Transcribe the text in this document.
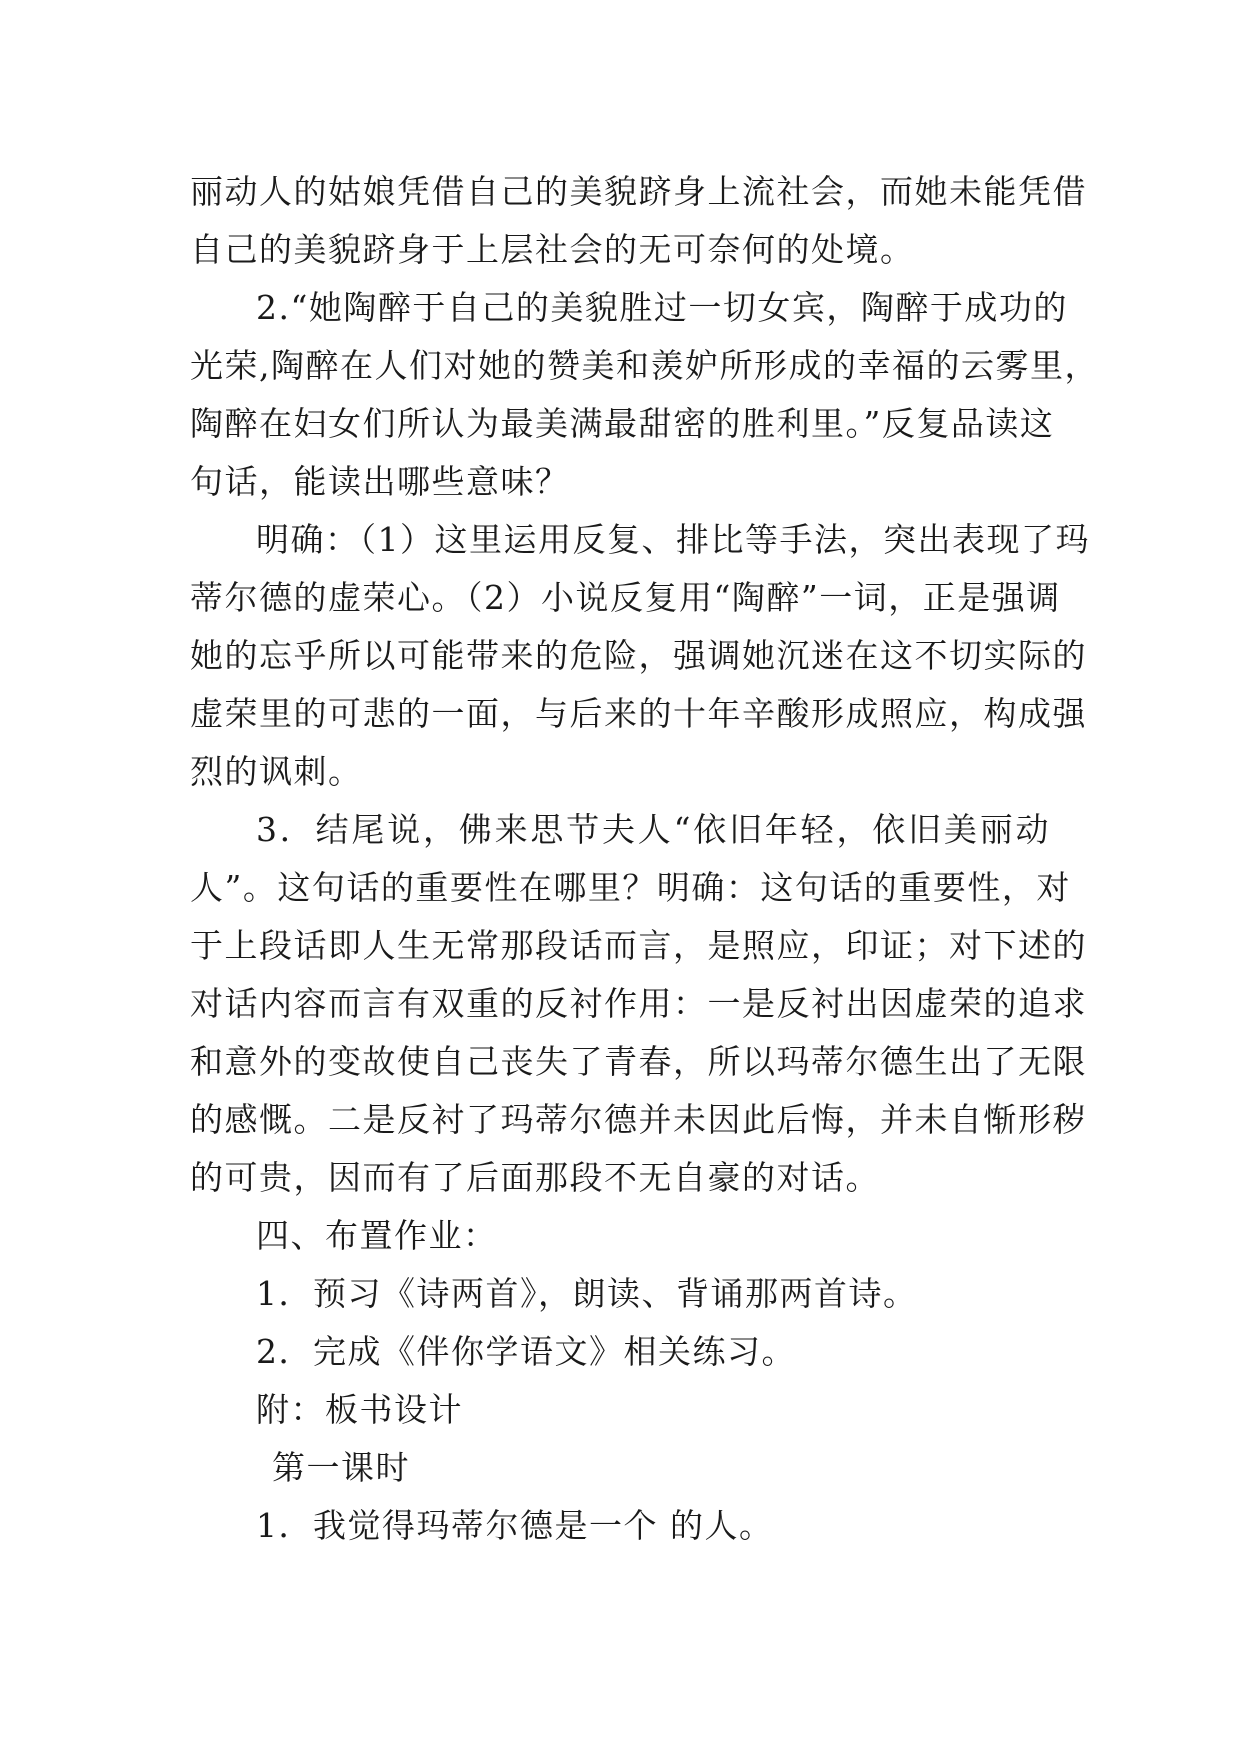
丽动人的姑娘凭借自己的美貌跻身上流社会，而她未能凭借
自己的美貌跻身于上层社会的无可奈何的处境。
2.“她陶醉于自己的美貌胜过一切女宾，陶醉于成功的
光荣,陶醉在人们对她的赞美和羡妒所形成的幸福的云雾里，
陶醉在妇女们所认为最美满最甜密的胜利里。”反复品读这
句话，能读出哪些意味？
明确：（1）这里运用反复、排比等手法，突出表现了玛
蒂尔德的虚荣心。（2）小说反复用“陶醉”一词，正是强调
她的忘乎所以可能带来的危险，强调她沉迷在这不切实际的
虚荣里的可悲的一面，与后来的十年辛酸形成照应，构成强
烈的讽刺。
3．结尾说，佛来思节夫人“依旧年轻，依旧美丽动
人”。这句话的重要性在哪里？明确：这句话的重要性，对
于上段话即人生无常那段话而言，是照应，印证；对下述的
对话内容而言有双重的反衬作用：一是反衬出因虚荣的追求
和意外的变故使自己丧失了青春，所以玛蒂尔德生出了无限
的感慨。二是反衬了玛蒂尔德并未因此后悔，并未自惭形秽
的可贵，因而有了后面那段不无自豪的对话。
四、布置作业：
1．预习《诗两首》，朗读、背诵那两首诗。
2．完成《伴你学语文》相关练习。
附：板书设计
第一课时
1．我觉得玛蒂尔德是一个 的人。
